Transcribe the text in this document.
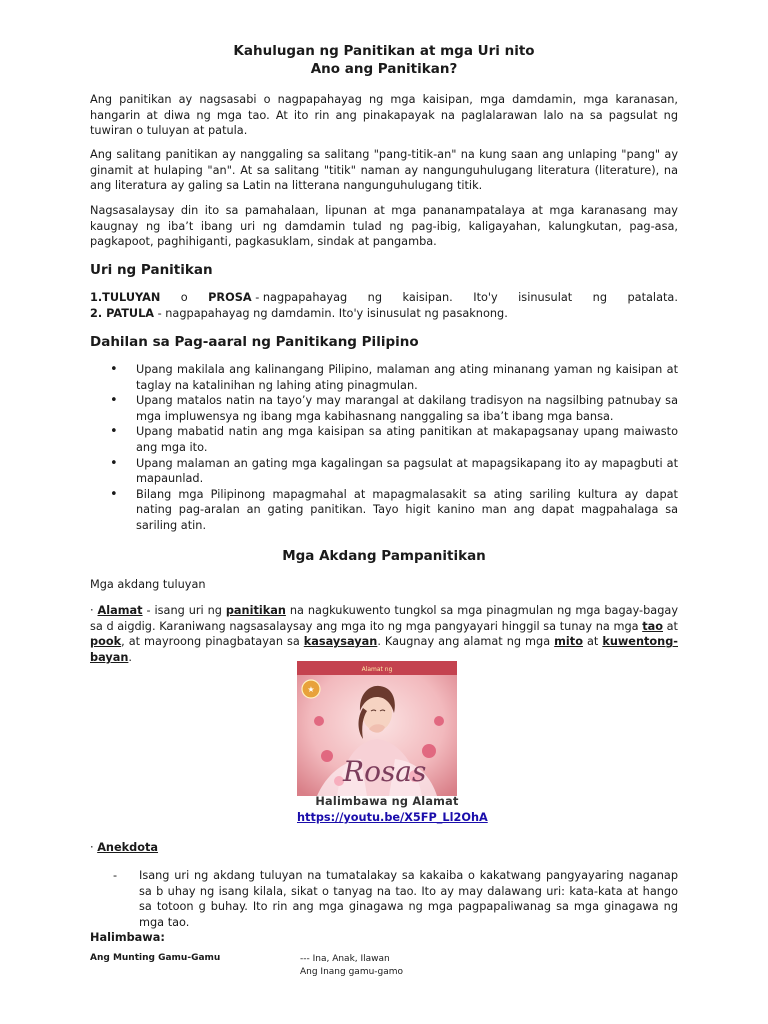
Kahulugan ng Panitikan at mga Uri nito
Ano ang Panitikan?

Ang panitikan ay nagsasabi o nagpapahayag ng mga kaisipan, mga damdamin, mga karanasan, hangarin at diwa ng mga tao. At ito rin ang pinakapayak na paglalarawan lalo na sa pagsulat ng tuwiran o tuluyan at patula.

Ang salitang panitikan ay nanggaling sa salitang "pang-titik-an" na kung saan ang unlaping "pang" ay ginamit at hulaping "an". At sa salitang "titik" naman ay nangunguhulugang literatura (literature), na ang literatura ay galing sa Latin na litterana nangunguhulugang titik.

Nagsasalaysay din ito sa pamahalaan, lipunan at mga pananampatalaya at mga karanasang may kaugnay ng iba’t ibang uri ng damdamin tulad ng pag-ibig, kaligayahan, kalungkutan, pag-asa, pagkapoot, paghihiganti, pagkasuklam, sindak at pangamba.

Uri ng Panitikan
1.TULUYAN o PROSA - nagpapahayag ng kaisipan. Ito'y isinusulat ng patalata.
2. PATULA - nagpapahayag ng damdamin. Ito'y isinusulat ng pasaknong.
Dahilan sa Pag-aaral ng Panitikang Pilipino
• Upang makilala ang kalinangang Pilipino, malaman ang ating minanang yaman ng kaisipan at taglay na katalinihan ng lahing ating pinagmulan.
• Upang matalos natin na tayo’y may marangal at dakilang tradisyon na nagsilbing patnubay sa mga impluwensya ng ibang mga kabihasnang nanggaling sa iba’t ibang mga bansa.
• Upang mabatid natin ang mga kaisipan sa ating panitikan at makapagsanay upang maiwasto ang mga ito.
• Upang malaman an gating mga kagalingan sa pagsulat at mapagsikapang ito ay mapagbuti at mapaunlad.
• Bilang mga Pilipinong mapagmahal at mapagmalasakit sa ating sariling kultura ay dapat nating pag-aralan an gating panitikan. Tayo higit kanino man ang dapat magpahalaga sa sariling atin.
Mga Akdang Pampanitikan
Mga akdang tuluyan

· Alamat - isang uri ng panitikan na nagkukuwento tungkol sa mga pinagmulan ng mga bagay-bagay sa d aigdig. Karaniwang nagsasalaysay ang mga ito ng mga pangyayari hinggil sa tunay na mga tao at pook, at mayroong pinagbatayan sa kasaysayan. Kaugnay ang alamat ng mga mito at kuwentong-bayan.

Alamat ng
★
Rosas
Halimbawa ng Alamat
https://youtu.be/X5FP_Ll2OhA
· Anekdota
-	Isang uri ng akdang tuluyan na tumatalakay sa kakaiba o kakatwang pangyayaring naganap sa b uhay ng isang kilala, sikat o tanyag na tao. Ito ay may dalawang uri: kata-kata at hango sa totoon g buhay. Ito rin ang mga ginagawa ng mga pagpapaliwanag sa mga ginagawa ng mga tao.
Halimbawa:
Ang Munting Gamu-Gamu	--- Ina, Anak, Ilawan
Ang Inang gamu-gamo
